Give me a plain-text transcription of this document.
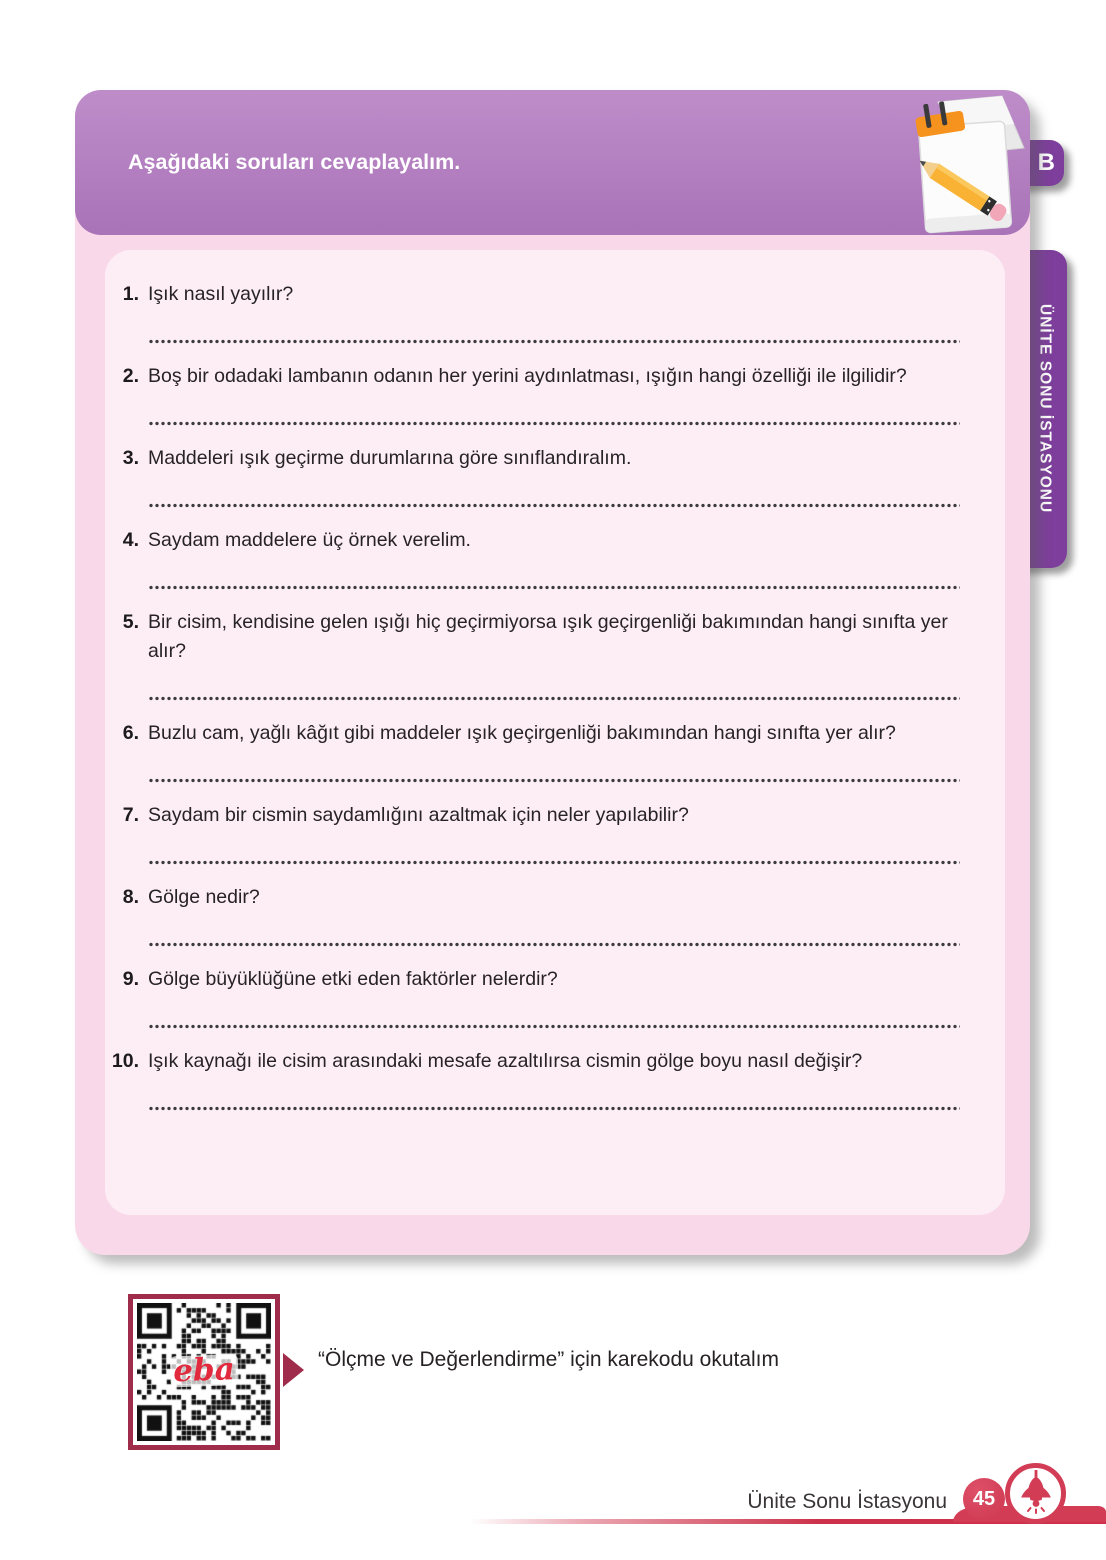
B
ÜNİTE SONU İSTASYONU
Aşağıdaki soruları cevaplayalım.
1. Işık nasıl yayılır?
2. Boş bir odadaki lambanın odanın her yerini aydınlatması, ışığın hangi özelliği ile ilgilidir?
3. Maddeleri ışık geçirme durumlarına göre sınıflandıralım.
4. Saydam maddelere üç örnek verelim.
5. Bir cisim, kendisine gelen ışığı hiç geçirmiyorsa ışık geçirgenliği bakımından hangi sınıfta yer alır?
6. Buzlu cam, yağlı kâğıt gibi maddeler ışık geçirgenliği bakımından hangi sınıfta yer alır?
7. Saydam bir cismin saydamlığını azaltmak için neler yapılabilir?
8. Gölge nedir?
9. Gölge büyüklüğüne etki eden faktörler nelerdir?
10. Işık kaynağı ile cisim arasındaki mesafe azaltılırsa cismin gölge boyu nasıl değişir?
eba	“Ölçme ve Değerlendirme” için karekodu okutalım
Ünite Sonu İstasyonu	45
